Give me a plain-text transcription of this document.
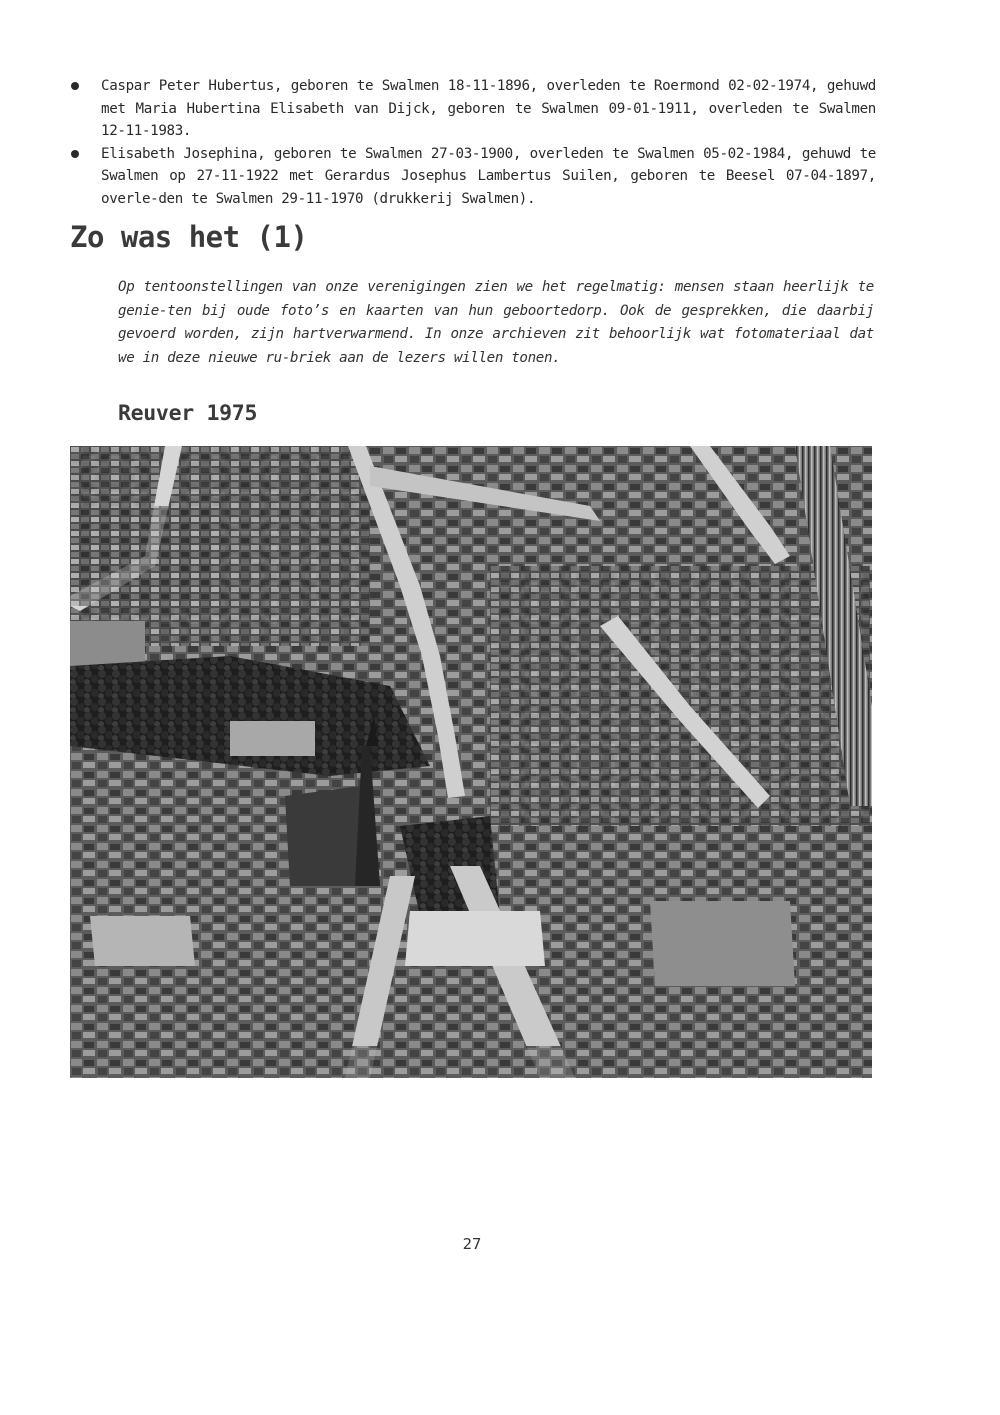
Caspar Peter Hubertus, geboren te Swalmen 18-11-1896, overleden te Roermond 02-02-1974, gehuwd met Maria Hubertina Elisabeth van Dijck, geboren te Swalmen 09-01-1911, overleden te Swalmen 12-11-1983.
Elisabeth Josephina, geboren te Swalmen 27-03-1900, overleden te Swalmen 05-02-1984, gehuwd te Swalmen op 27-11-1922 met Gerardus Josephus Lambertus Suilen, geboren te Beesel 07-04-1897, overle-den te Swalmen 29-11-1970 (drukkerij Swalmen).
Zo was het (1)

Op tentoonstellingen van onze verenigingen zien we het regelmatig: mensen staan heerlijk te genie-ten bij oude foto’s en kaarten van hun geboortedorp. Ook de gesprekken, die daarbij gevoerd worden, zijn hartverwarmend. In onze archieven zit behoorlijk wat fotomateriaal dat we in deze nieuwe ru-briek aan de lezers willen tonen.

Reuver 1975
27
